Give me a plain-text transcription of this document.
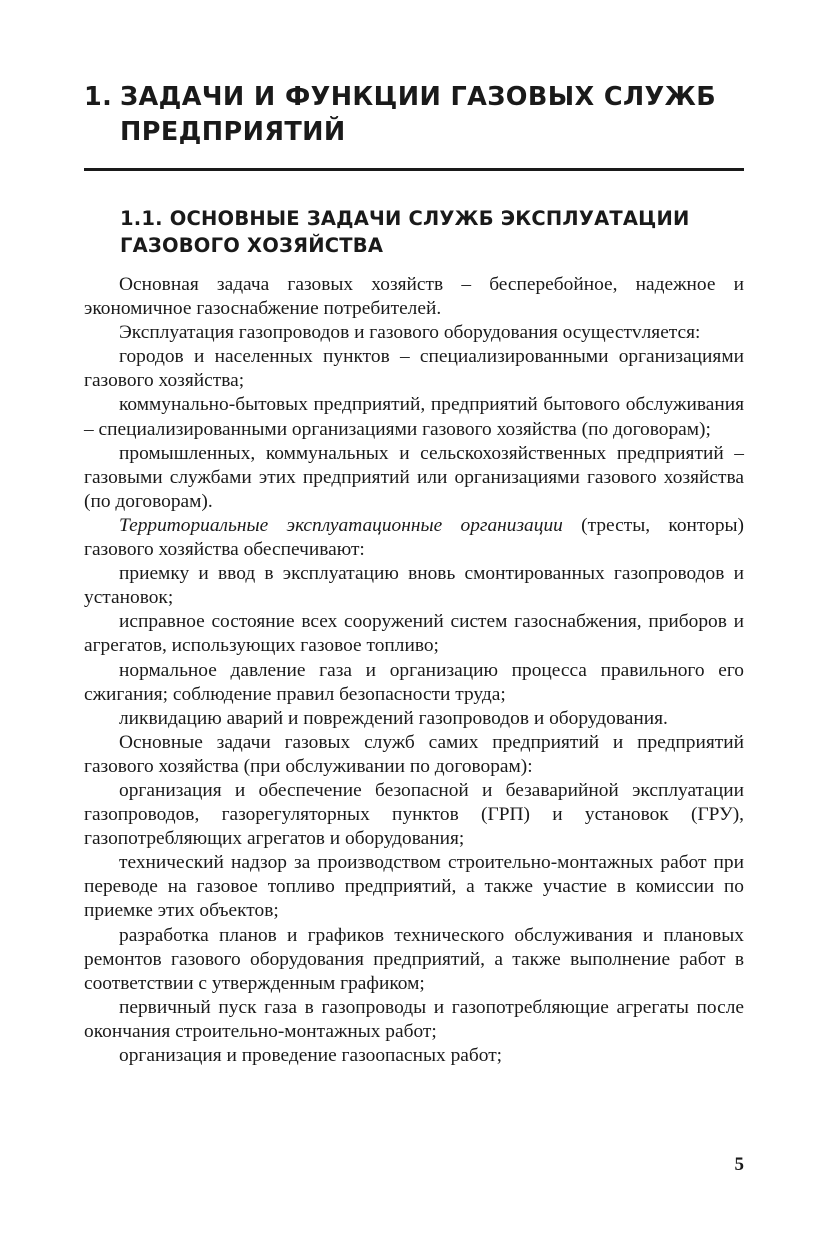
1. ЗАДАЧИ И ФУНКЦИИ ГАЗОВЫХ СЛУЖБ
ПРЕДПРИЯТИЙ
1.1. ОСНОВНЫЕ ЗАДАЧИ СЛУЖБ ЭКСПЛУАТАЦИИ
ГАЗОВОГО ХОЗЯЙСТВА

Основная задача газовых хозяйств – бесперебойное, надежное и экономичное газоснабжение потребителей.

Эксплуатация газопроводов и газового оборудования осущестvляется:

городов и населенных пунктов – специализированными организациями газового хозяйства;

коммунально-бытовых предприятий, предприятий бытового обслуживания – специализированными организациями газового хозяйства (по договорам);

промышленных, коммунальных и сельскохозяйственных предприятий – газовыми службами этих предприятий или организациями газового хозяйства (по договорам).

Территориальные эксплуатационные организации (тресты, конторы) газового хозяйства обеспечивают:

приемку и ввод в эксплуатацию вновь смонтированных газопроводов и установок;

исправное состояние всех сооружений систем газоснабжения, приборов и агрегатов, использующих газовое топливо;

нормальное давление газа и организацию процесса правильного его сжигания; соблюдение правил безопасности труда;

ликвидацию аварий и повреждений газопроводов и оборудования.

Основные задачи газовых служб самих предприятий и предприятий газового хозяйства (при обслуживании по договорам):

организация и обеспечение безопасной и безаварийной эксплуатации газопроводов, газорегуляторных пунктов (ГРП) и установок (ГРУ), газопотребляющих агрегатов и оборудования;

технический надзор за производством строительно-монтажных работ при переводе на газовое топливо предприятий, а также участие в комиссии по приемке этих объектов;

разработка планов и графиков технического обслуживания и плановых ремонтов газового оборудования предприятий, а также выполнение работ в соответствии с утвержденным графиком;

первичный пуск газа в газопроводы и газопотребляющие агрегаты после окончания строительно-монтажных работ;

организация и проведение газоопасных работ;

5
